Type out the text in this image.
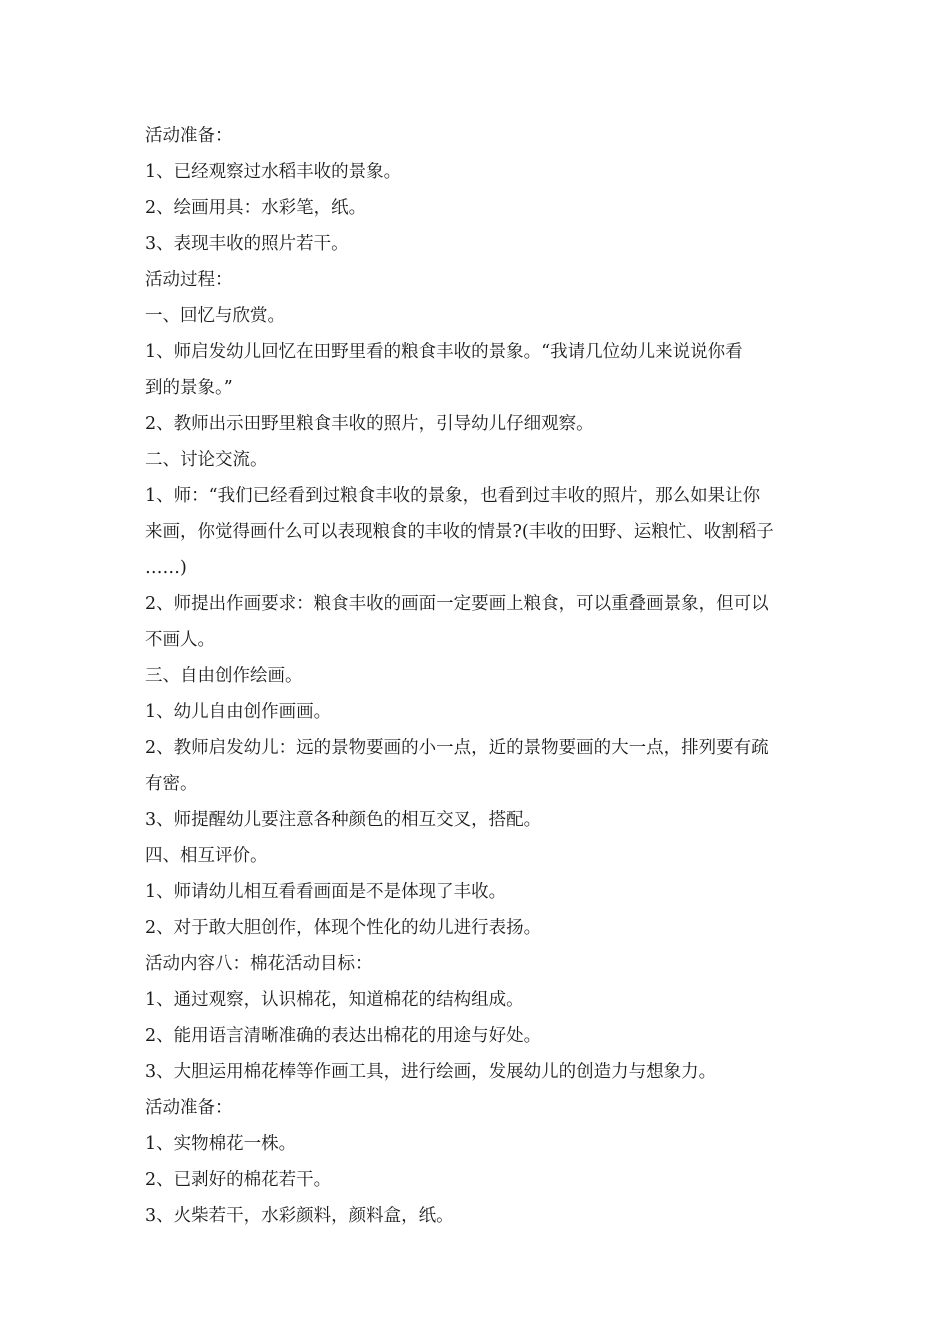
活动准备：

1、已经观察过水稻丰收的景象。

2、绘画用具：水彩笔，纸。

3、表现丰收的照片若干。

活动过程：

一、回忆与欣赏。

1、师启发幼儿回忆在田野里看的粮食丰收的景象。“我请几位幼儿来说说你看

到的景象。”

2、教师出示田野里粮食丰收的照片，引导幼儿仔细观察。

二、讨论交流。

1、师：“我们已经看到过粮食丰收的景象，也看到过丰收的照片，那么如果让你

来画，你觉得画什么可以表现粮食的丰收的情景?(丰收的田野、运粮忙、收割稻子

……)

2、师提出作画要求：粮食丰收的画面一定要画上粮食，可以重叠画景象，但可以

不画人。

三、自由创作绘画。

1、幼儿自由创作画画。

2、教师启发幼儿：远的景物要画的小一点，近的景物要画的大一点，排列要有疏

有密。

3、师提醒幼儿要注意各种颜色的相互交叉，搭配。

四、相互评价。

1、师请幼儿相互看看画面是不是体现了丰收。

2、对于敢大胆创作，体现个性化的幼儿进行表扬。

活动内容八：棉花活动目标：

1、通过观察，认识棉花，知道棉花的结构组成。

2、能用语言清晰准确的表达出棉花的用途与好处。

3、大胆运用棉花棒等作画工具，进行绘画，发展幼儿的创造力与想象力。

活动准备：

1、实物棉花一株。

2、已剥好的棉花若干。

3、火柴若干，水彩颜料，颜料盒，纸。
